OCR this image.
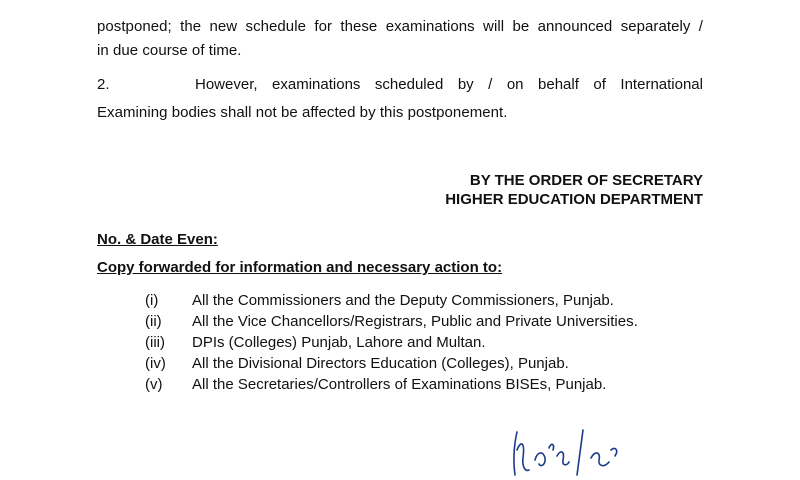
postponed; the new schedule for these examinations will be announced separately /
in due course of time.
2.	However, examinations scheduled by / on behalf of International
Examining bodies shall not be affected by this postponement.
BY THE ORDER OF SECRETARY
HIGHER EDUCATION DEPARTMENT
No. & Date Even:
Copy forwarded for information and necessary action to:
(i)	All the Commissioners and the Deputy Commissioners, Punjab.
(ii)	All the Vice Chancellors/Registrars, Public and Private Universities.
(iii)	DPIs (Colleges) Punjab, Lahore and Multan.
(iv)	All the Divisional Directors Education (Colleges), Punjab.
(v)	All the Secretaries/Controllers of Examinations BISEs, Punjab.
